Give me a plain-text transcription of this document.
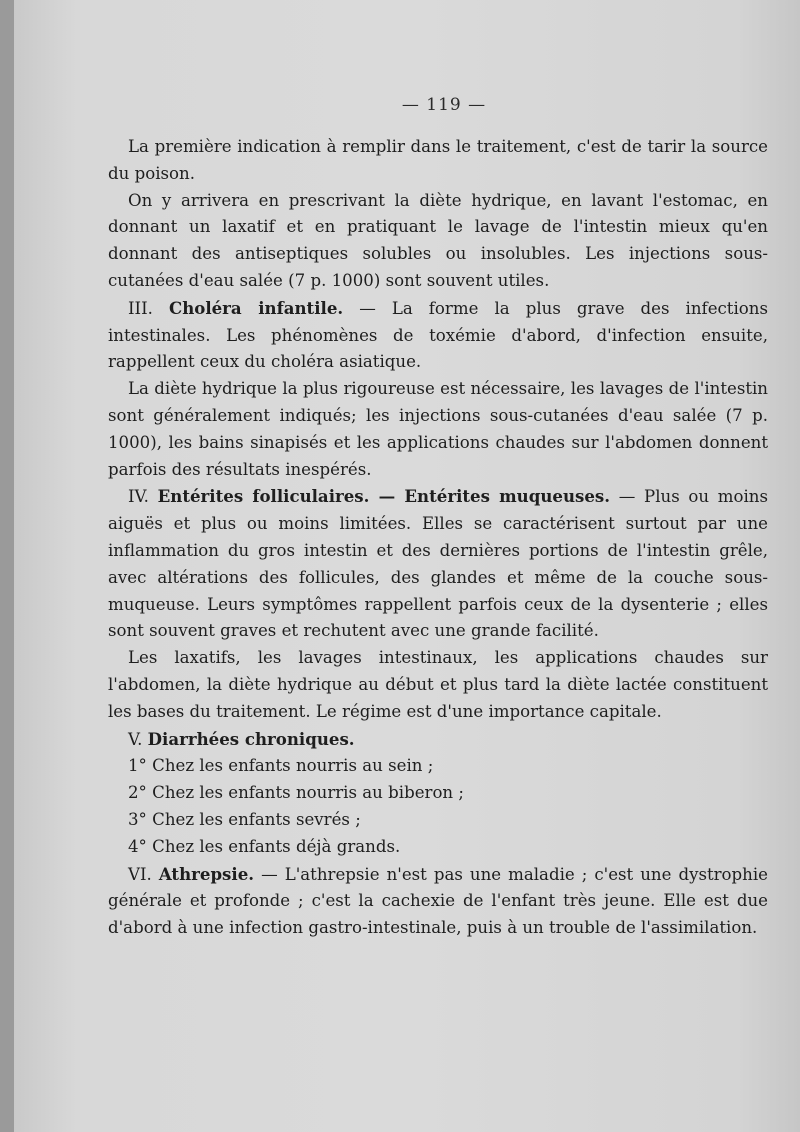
— 119 —

La première indication à remplir dans le traitement, c'est de tarir la source du poison.

On y arrivera en prescrivant la diète hydrique, en lavant l'estomac, en donnant un laxatif et en pratiquant le lavage de l'intestin mieux qu'en donnant des antiseptiques solubles ou insolubles. Les injections sous-cutanées d'eau salée (7 p. 1000) sont souvent utiles.

III. Choléra infantile. — La forme la plus grave des infections intestinales. Les phénomènes de toxémie d'abord, d'infection ensuite, rappellent ceux du choléra asiatique.

La diète hydrique la plus rigoureuse est nécessaire, les lavages de l'intestin sont généralement indiqués; les injections sous-cutanées d'eau salée (7 p. 1000), les bains sinapisés et les applications chaudes sur l'abdomen donnent parfois des résultats inespérés.

IV. Entérites folliculaires. — Entérites muqueuses. — Plus ou moins aiguës et plus ou moins limitées. Elles se caractérisent surtout par une inflammation du gros intestin et des dernières portions de l'intestin grêle, avec altérations des follicules, des glandes et même de la couche sous-muqueuse. Leurs symptômes rappellent parfois ceux de la dysenterie ; elles sont souvent graves et rechutent avec une grande facilité.

Les laxatifs, les lavages intestinaux, les applications chaudes sur l'abdomen, la diète hydrique au début et plus tard la diète lactée constituent les bases du traitement. Le régime est d'une importance capitale.

V. Diarrhées chroniques.

1° Chez les enfants nourris au sein ;

2° Chez les enfants nourris au biberon ;

3° Chez les enfants sevrés ;

4° Chez les enfants déjà grands.

VI. Athrepsie. — L'athrepsie n'est pas une maladie ; c'est une dystrophie générale et profonde ; c'est la cachexie de l'enfant très jeune. Elle est due d'abord à une infection gastro-intestinale, puis à un trouble de l'assimilation.
